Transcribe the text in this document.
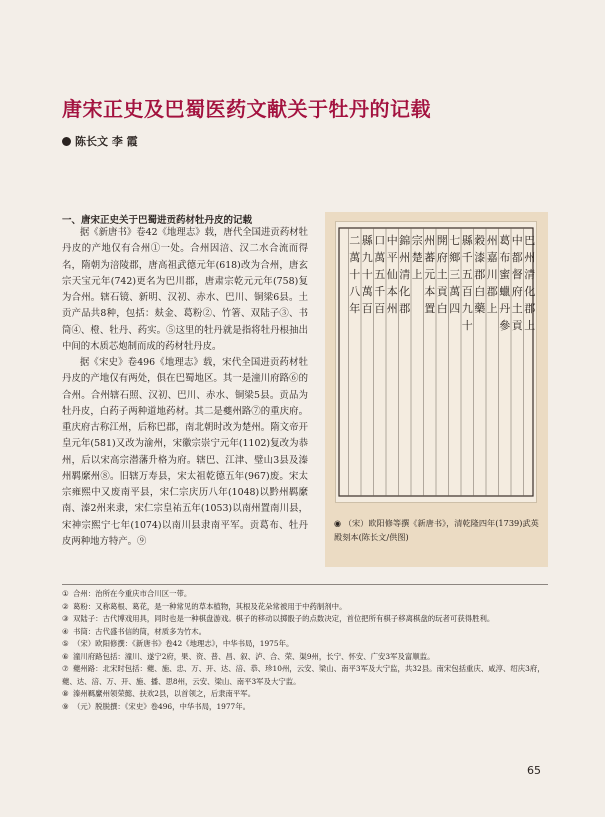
唐宋正史及巴蜀医药文献关于牡丹的记载
陈长文 李 霞
一、唐宋正史关于巴蜀进贡药材牡丹皮的记载

据《新唐书》卷42《地理志》载，唐代全国进贡药材牡丹皮的产地仅有合州①一处。合州因涪、汉二水合流而得名，隋朝为涪陵郡，唐高祖武德元年(618)改为合州，唐玄宗天宝元年(742)更名为巴川郡，唐肃宗乾元元年(758)复为合州。辖石镜、新明、汉初、赤水、巴川、铜梁6县。土贡产品共8种，包括：麸金、葛粉②、竹箸、双陆子③、书筒④、橙、牡丹、药实。⑤这里的牡丹就是指将牡丹根抽出中间的木质芯炮制而成的药材牡丹皮。

据《宋史》卷496《地理志》载，宋代全国进贡药材牡丹皮的产地仅有两处，俱在巴蜀地区。其一是潼川府路⑥的合州。合州辖石照、汉初、巴川、赤水、铜梁5县。贡品为牡丹皮，白药子两种道地药材。其二是夔州路⑦的重庆府。重庆府古称江州，后称巴郡，南北朝时改为楚州。隋文帝开皇元年(581)又改为渝州，宋徽宗崇宁元年(1102)复改为恭州，后以宋高宗潜藩升格为府。辖巴、江津、璧山3县及溱州羁縻州⑧。旧辖万寿县，宋太祖乾德五年(967)废。宋太宗雍熙中又废南平县，宋仁宗庆历八年(1048)以黔州羁縻南、溱2州来隶，宋仁宗皇祐五年(1053)以南州置南川县，宋神宗熙宁七年(1074)以南川县隶南平军。贡葛布、牡丹皮两种地方特产。⑨

巴
州
清
化
郡
上
中
都
督
府
土
貢
葛
布
蜜
蠟
丹
參
州
嘉
川
郡
上
穀
漆
郡
白
藥
縣
千
五
百
九
十
七
鄉
三
萬
四
開
府
土
貢
白
州
蕃
元
本
置
宗
楚
上
錦
州
清
化
郡
中
平
仙
本
州
口
萬
五
千
百
縣
九
十
萬
百
二
萬
十
八
年
◉ （宋）欧阳修等撰《新唐书》，清乾隆四年(1739)武英殿刻本(陈长文/供图)

① 合州：治所在今重庆市合川区一带。

② 葛粉：又称葛根、葛花，是一种常见的草本植物，其根及花朵常被用于中药制剂中。

③ 双陆子：古代博戏用具，同时也是一种棋盘游戏。棋子的移动以掷骰子的点数决定，首位把所有棋子移离棋盘的玩者可获得胜利。

④ 书筒：古代盛书信的筒，材质多为竹木。

⑤ （宋）欧阳修撰：《新唐书》卷42《地理志》，中华书局，1975年。

⑥ 潼川府路包括：潼川、遂宁2府，果、资、普、昌、叙、泸、合、荣、渠9州，长宁、怀安、广安3军及富顺监。

⑦ 夔州路：北宋时包括：夔、施、忠、万、开、达、涪、恭、珍10州，云安、梁山、南平3军及大宁监，共32县。南宋包括重庆、咸淳、绍庆3府，夔、达、涪、万、开、施、播、思8州，云安、梁山、南平3军及大宁监。

⑧ 溱州羁縻州领荣懿、扶欢2县，以首领之，后隶南平军。

⑨ （元）脱脱撰：《宋史》卷496，中华书局，1977年。

65
